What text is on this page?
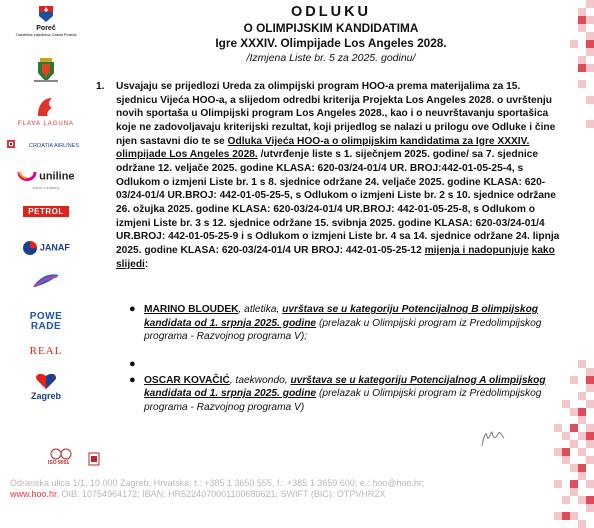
Poreč
Turistička zajednica Grada Poreča
FLAVA LAGUNA
CROATIA AIRLINES
uniline
travel company
PETROL
JANAF
POWERADE
REAL
Zagreb
ODLUKU
O OLIMPIJSKIM KANDIDATIMA
Igre XXXIV. Olimpijade Los Angeles 2028.
/Izmjena Liste br. 5 za 2025. godinu/
1. Usvajaju se prijedlozi Ureda za olimpijski program HOO-a prema materijalima za 15. sjednicu Vijeća HOO-a, a slijedom odredbi kriterija Projekta Los Angeles 2028. o uvrštenju novih sportaša u Olimpijski program Los Angeles 2028., kao i o neuvrštavanju sportašica koje ne zadovoljavaju kriterijski rezultat, koji prijedlog se nalazi u prilogu ove Odluke i čine njen sastavni dio te se Odluka Vijeća HOO-a o olimpijskim kandidatima za Igre XXXIV. olimpijade Los Angeles 2028. /utvrđenje liste s 1. siječnjem 2025. godine/ sa 7. sjednice održane 12. veljače 2025. godine KLASA: 620-03/24-01/4 UR. BROJ:442-01-05-25-4, s Odlukom o izmjeni Liste br. 1 s 8. sjednice održane 24. veljače 2025. godine KLASA: 620-03/24-01/4 UR.BROJ: 442-01-05-25-5, s Odlukom o izmjeni Liste br. 2 s 10. sjednice održane 26. ožujka 2025. godine KLASA: 620-03/24-01/4 UR.BROJ: 442-01-05-25-8, s Odlukom o izmjeni Liste br. 3 s 12. sjednice održane 15. svibnja 2025. godine KLASA: 620-03/24-01/4 UR.BROJ: 442-01-05-25-9 i s Odlukom o izmjeni Liste br. 4 sa 14. sjednice održane 24. lipnja 2025. godine KLASA: 620-03/24-01/4 UR BROJ: 442-01-05-25-12 mijenja i nadopunjuje kako slijedi:
● MARINO BLOUDEK, atletika, uvrštava se u kategoriju Potencijalnog B olimpijskog kandidata od 1. srpnja 2025. godine (prelazak u Olimpijski program iz Predolimpijskog programa - Razvojnog programa V);
●
● OSCAR KOVAČIĆ, taekwondo, uvrštava se u kategoriju Potencijalnog A olimpijskog kandidata od 1. srpnja 2025. godine (prelazak u Olimpijski program iz Predolimpijskog programa - Razvojnog programa V)
ISO 9001
Odranska ulica 1/1, 10 000 Zagreb, Hrvatska; t.: +385 1 3650 555, f.: +385 1 3659 600; e.: hoo@hoo.hr;
www.hoo.hr, OIB: 10754964172; IBAN: HR5224070001100680621; SWIFT (BIC): OTPVHR2X
